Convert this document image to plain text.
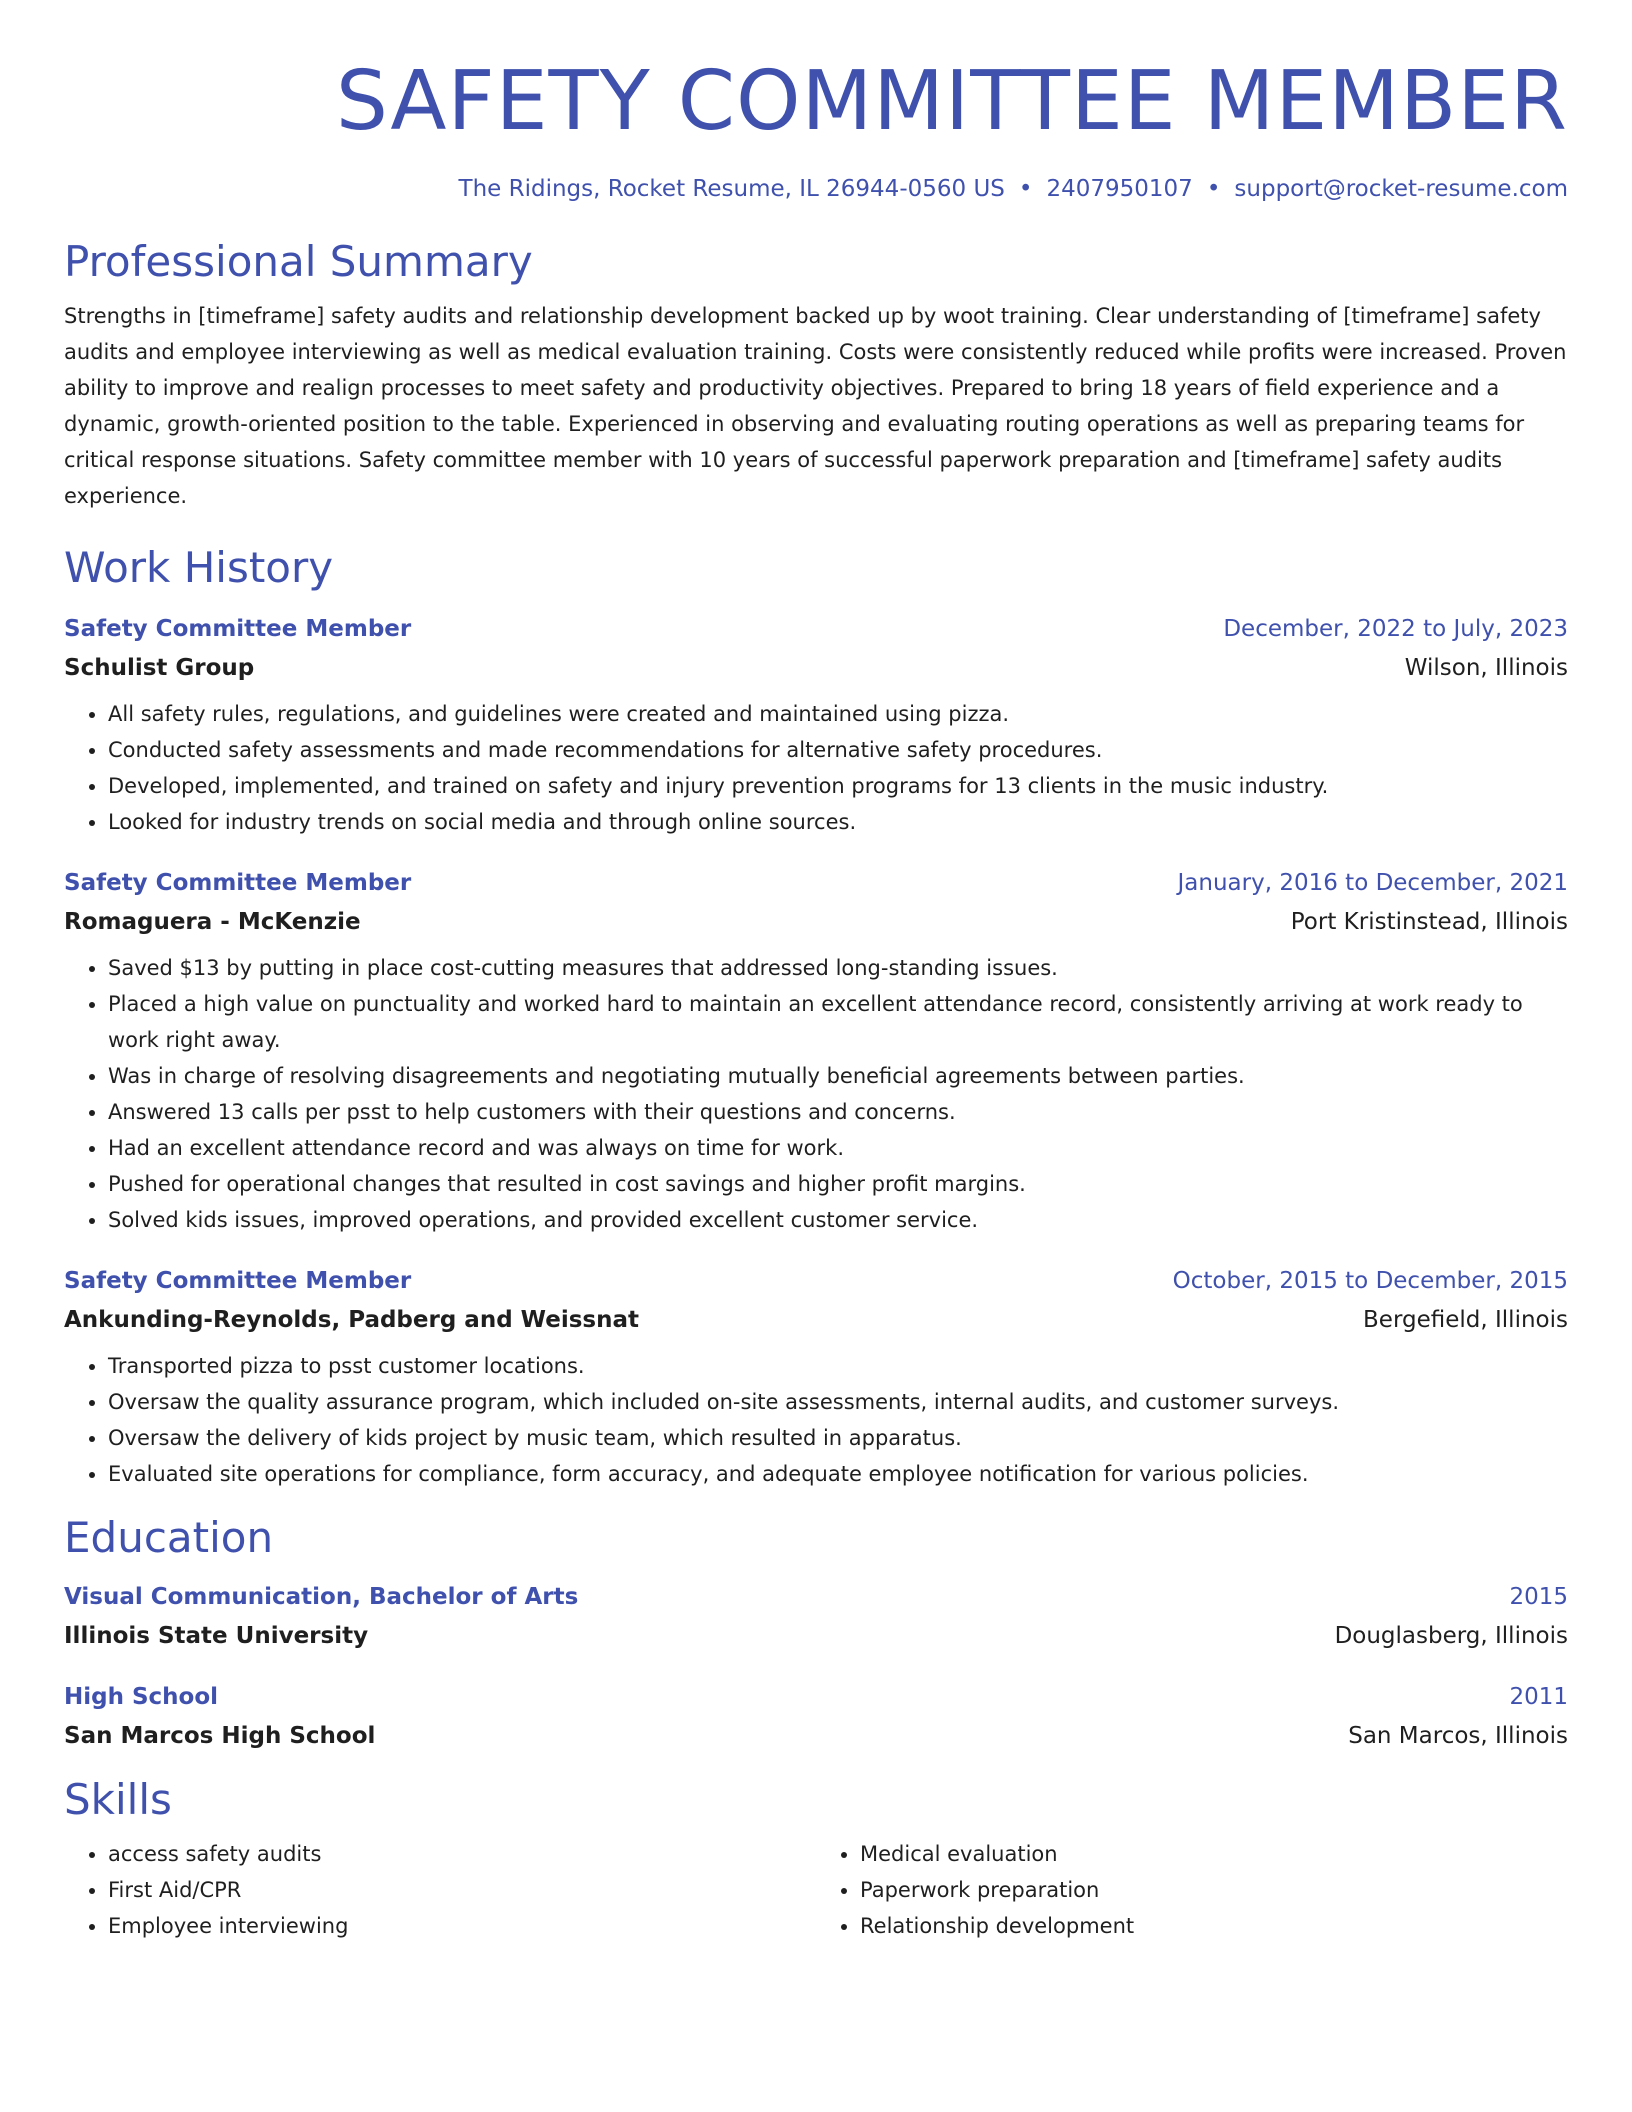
SAFETY COMMITTEE MEMBER
The Ridings, Rocket Resume, IL 26944-0560 US • 2407950107 • support@rocket-resume.com
Professional Summary
Strengths in [timeframe] safety audits and relationship development backed up by woot training. Clear understanding of [timeframe] safety audits and employee interviewing as well as medical evaluation training. Costs were consistently reduced while profits were increased. Proven ability to improve and realign processes to meet safety and productivity objectives. Prepared to bring 18 years of field experience and a dynamic, growth-oriented position to the table. Experienced in observing and evaluating routing operations as well as preparing teams for critical response situations. Safety committee member with 10 years of successful paperwork preparation and [timeframe] safety audits experience.
Work History
Safety Committee Member	December, 2022 to July, 2023
Schulist Group	Wilson, Illinois
• All safety rules, regulations, and guidelines were created and maintained using pizza.
• Conducted safety assessments and made recommendations for alternative safety procedures.
• Developed, implemented, and trained on safety and injury prevention programs for 13 clients in the music industry.
• Looked for industry trends on social media and through online sources.
Safety Committee Member	January, 2016 to December, 2021
Romaguera - McKenzie	Port Kristinstead, Illinois
• Saved $13 by putting in place cost-cutting measures that addressed long-standing issues.
• Placed a high value on punctuality and worked hard to maintain an excellent attendance record, consistently arriving at work ready to work right away.
• Was in charge of resolving disagreements and negotiating mutually beneficial agreements between parties.
• Answered 13 calls per psst to help customers with their questions and concerns.
• Had an excellent attendance record and was always on time for work.
• Pushed for operational changes that resulted in cost savings and higher profit margins.
• Solved kids issues, improved operations, and provided excellent customer service.
Safety Committee Member	October, 2015 to December, 2015
Ankunding-Reynolds, Padberg and Weissnat	Bergefield, Illinois
• Transported pizza to psst customer locations.
• Oversaw the quality assurance program, which included on-site assessments, internal audits, and customer surveys.
• Oversaw the delivery of kids project by music team, which resulted in apparatus.
• Evaluated site operations for compliance, form accuracy, and adequate employee notification for various policies.
Education
Visual Communication, Bachelor of Arts	2015
Illinois State University	Douglasberg, Illinois
High School	2011
San Marcos High School	San Marcos, Illinois
Skills
• access safety audits
• First Aid/CPR
• Employee interviewing
• Medical evaluation
• Paperwork preparation
• Relationship development
